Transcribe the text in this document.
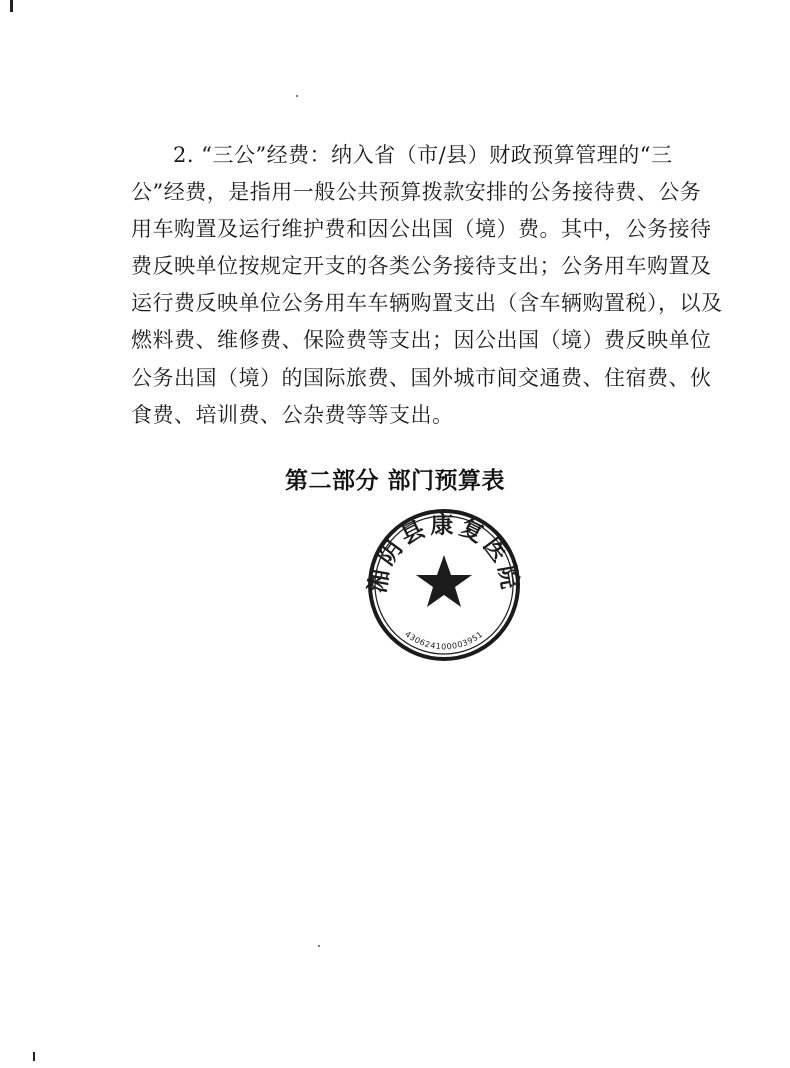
2. “三公”经费：纳入省（市/县）财政预算管理的“三
公”经费，是指用一般公共预算拨款安排的公务接待费、公务
用车购置及运行维护费和因公出国（境）费。其中，公务接待
费反映单位按规定开支的各类公务接待支出；公务用车购置及
运行费反映单位公务用车车辆购置支出（含车辆购置税），以及
燃料费、维修费、保险费等支出；因公出国（境）费反映单位
公务出国（境）的国际旅费、国外城市间交通费、住宿费、伙
食费、培训费、公杂费等等支出。
第二部分 部门预算表
湘阴县康复医院
430624100003951
